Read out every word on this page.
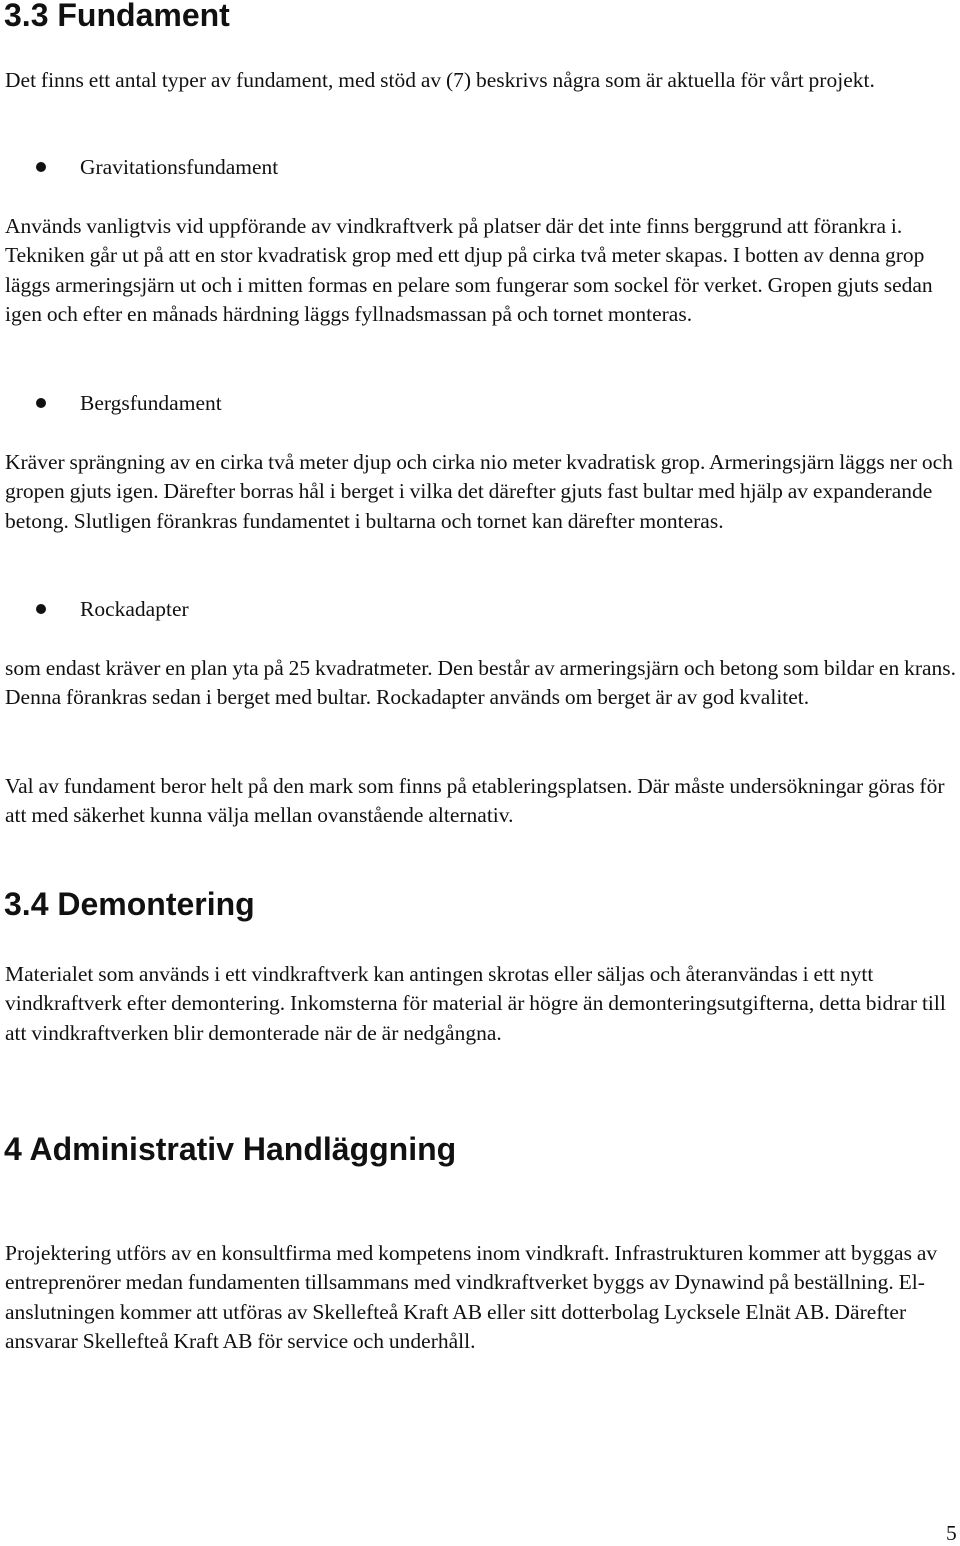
3.3 Fundament

Det finns ett antal typer av fundament, med stöd av (7) beskrivs några som är aktuella för vårt projekt.

Gravitationsfundament

Används vanligtvis vid uppförande av vindkraftverk på platser där det inte finns berggrund att förankra i. Tekniken går ut på att en stor kvadratisk grop med ett djup på cirka två meter skapas. I botten av denna grop läggs armeringsjärn ut och i mitten formas en pelare som fungerar som sockel för verket. Gropen gjuts sedan igen och efter en månads härdning läggs fyllnadsmassan på och tornet monteras.

Bergsfundament

Kräver sprängning av en cirka två meter djup och cirka nio meter kvadratisk grop. Armeringsjärn läggs ner och gropen gjuts igen. Därefter borras hål i berget i vilka det därefter gjuts fast bultar med hjälp av expanderande betong. Slutligen förankras fundamentet i bultarna och tornet kan därefter monteras.

Rockadapter

som endast kräver en plan yta på 25 kvadratmeter. Den består av armeringsjärn och betong som bildar en krans. Denna förankras sedan i berget med bultar. Rockadapter används om berget är av god kvalitet.

Val av fundament beror helt på den mark som finns på etableringsplatsen. Där måste undersökningar göras för att med säkerhet kunna välja mellan ovanstående alternativ.

3.4 Demontering

Materialet som används i ett vindkraftverk kan antingen skrotas eller säljas och återanvändas i ett nytt vindkraftverk efter demontering. Inkomsterna för material är högre än demonteringsutgifterna, detta bidrar till att vindkraftverken blir demonterade när de är nedgångna.

4 Administrativ Handläggning

Projektering utförs av en konsultfirma med kompetens inom vindkraft. Infrastrukturen kommer att byggas av entreprenörer medan fundamenten tillsammans med vindkraftverket byggs av Dynawind på beställning. El-anslutningen kommer att utföras av Skellefteå Kraft AB eller sitt dotterbolag Lycksele Elnät AB. Därefter ansvarar Skellefteå Kraft AB för service och underhåll.

5
